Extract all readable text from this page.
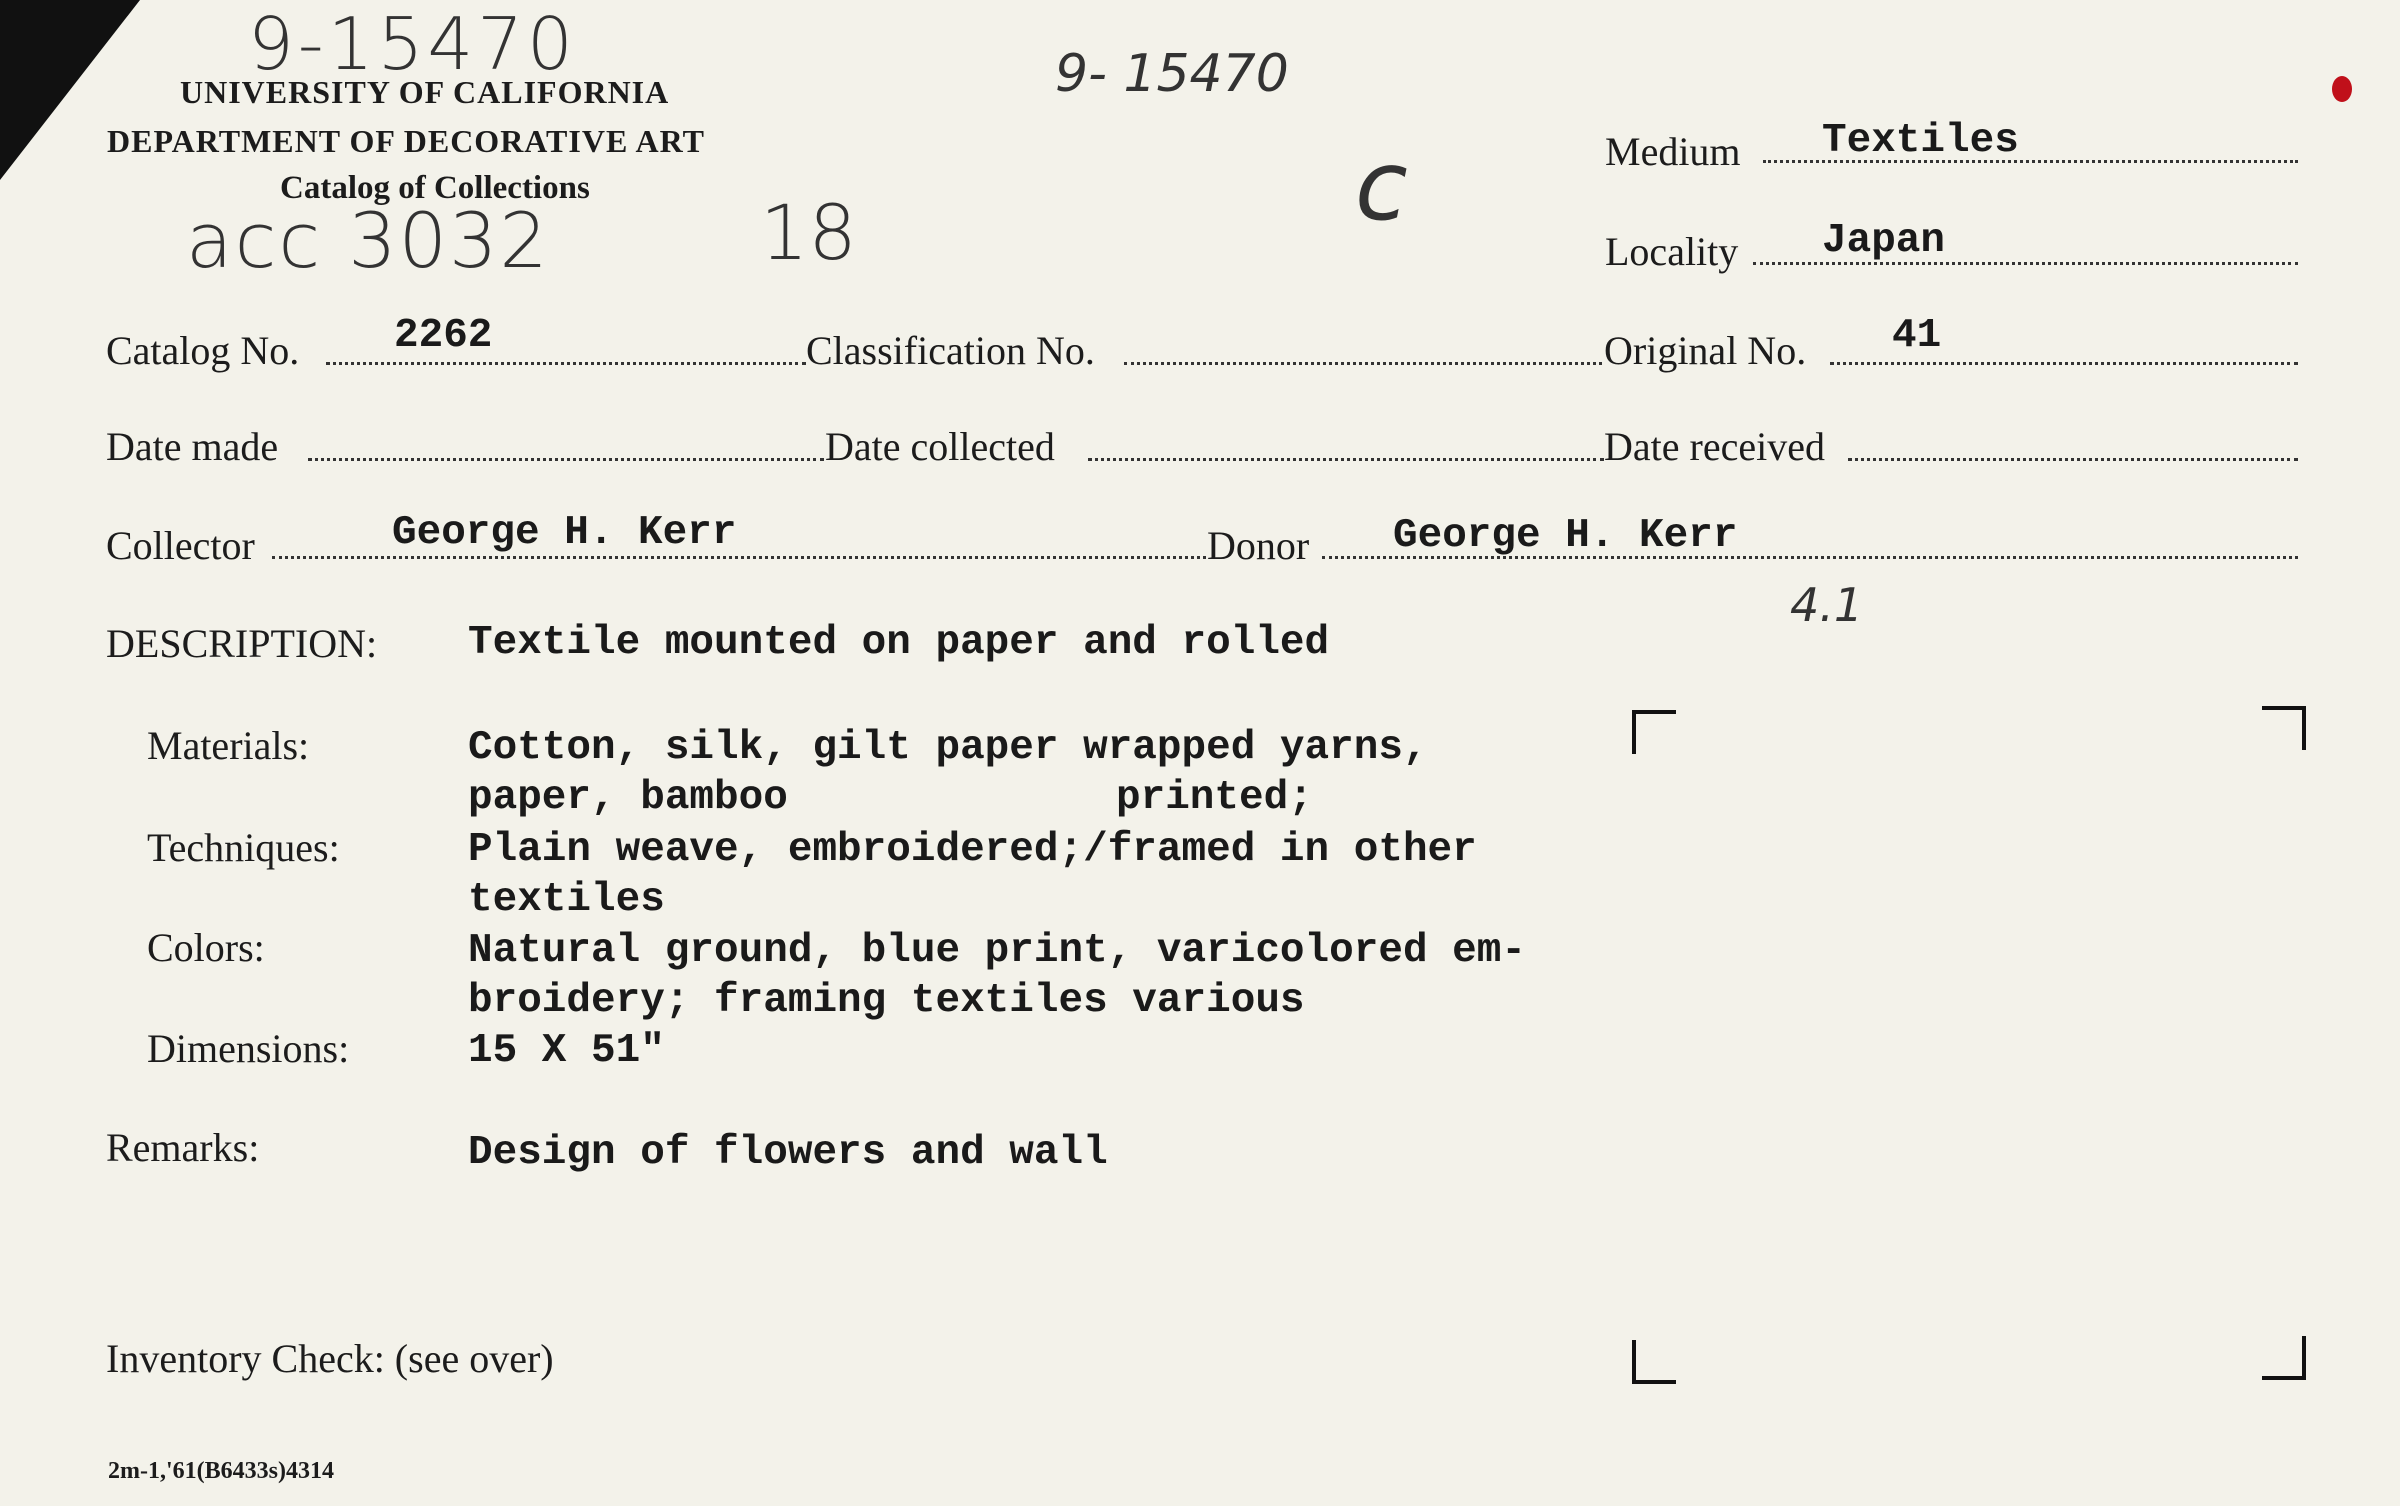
9-15470
UNIVERSITY OF CALIFORNIA
DEPARTMENT OF DECORATIVE ART
Catalog of Collections
acc 3032	18
9- 15470
c	Medium Textiles
Locality Japan
Catalog No. 2262	Classification No.	Original No. 41
Date made	Date collected	Date received
Collector	George H. Kerr	Donor George H. Kerr
4.1
DESCRIPTION: Textile mounted on paper and rolled
Materials:	Cotton, silk, gilt paper wrapped yarns,
paper, bamboo	printed;
Techniques:	Plain weave, embroidered;/framed in other
textiles
Colors:	Natural ground, blue print, varicolored em-
broidery; framing textiles various
Dimensions:	15 X 51"
Remarks:	Design of flowers and wall
Inventory Check: (see over)
2m-1,'61(B6433s)4314
